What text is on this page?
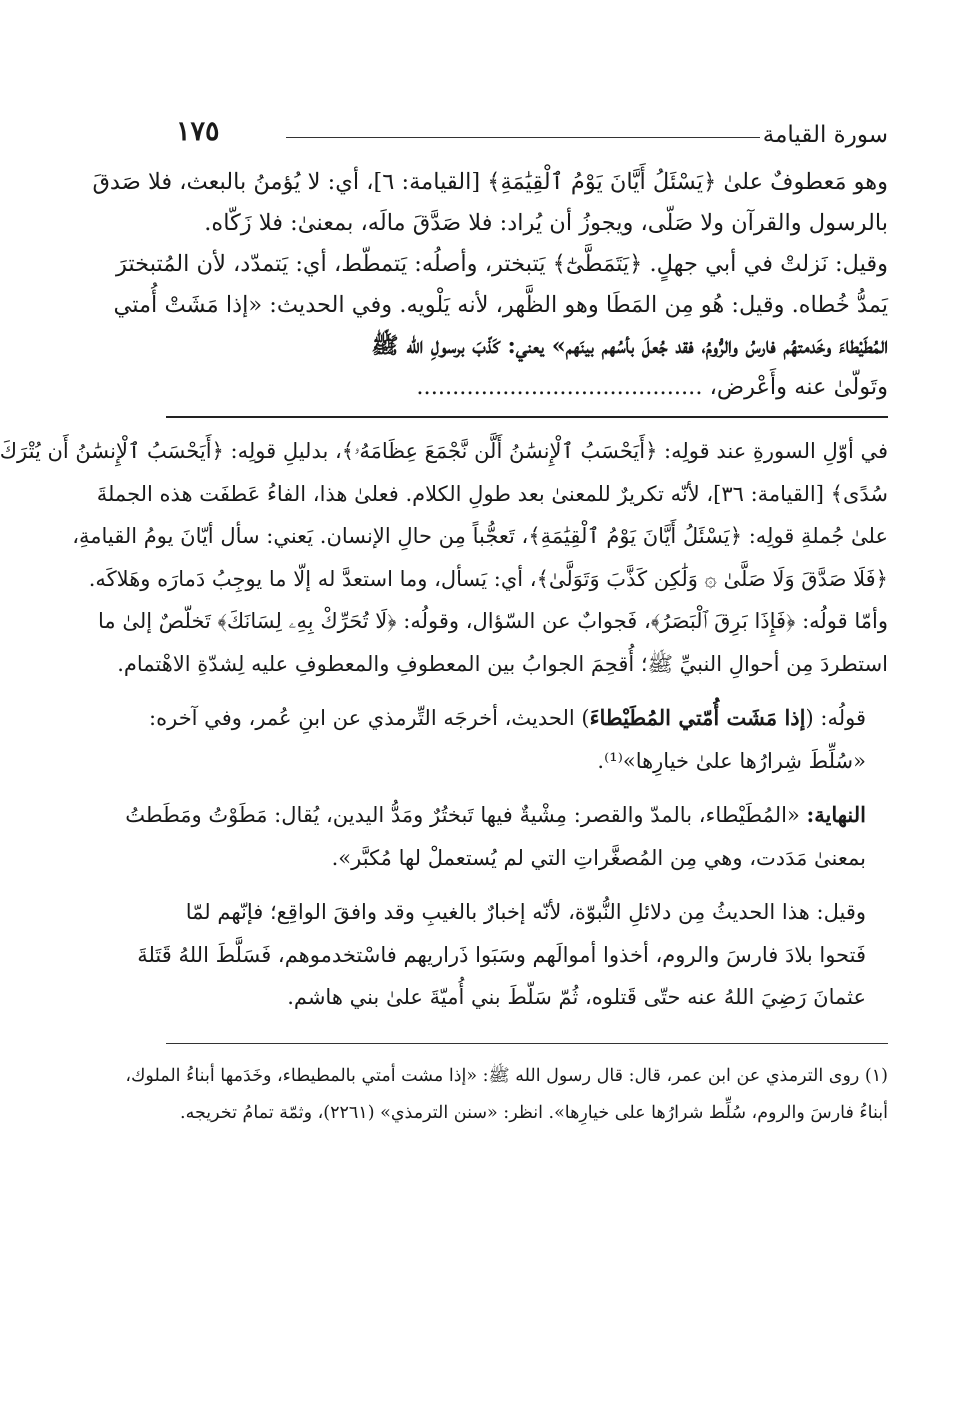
سورة القيامة
١٧٥

وهو مَعطوفٌ علىٰ ﴿يَسْئَلُ أَيَّانَ يَوْمُ ٱلْقِيَٰمَةِ﴾ [القيامة: ٦]، أي: لا يُؤمنُ بالبعث، فلا صَدقَ
بالرسول والقرآن ولا صَلّى، ويجوزُ أن يُراد: فلا صَدَّقَ مالَه، بمعنىٰ: فلا زَكّاه.
وقيل: نَزلتْ في أبي جهلٍ. ﴿يَتَمَطَّىٰٓ﴾ يَتبختر، وأصلُه: يَتمطّط، أي: يَتمدّد، لأن المُتبخترَ
يَمدُّ خُطاه. وقيل: هُو مِن المَطَا وهو الظَّهر، لأنه يَلْويه. وفي الحديث: «إذا مَشَتْ أُمتي
المُطَيْطاءَ وخَدمتهُم فارسُ والرُّومُ، فقد جُعلَ بأسُهم بينَهم» يعني: كَذّبَ برسولِ الله ﷺ
وتَولّىٰ عنه وأَعْرض، ........................................

في أوّلِ السورةِ عند قولِه: ﴿أَيَحْسَبُ ٱلْإِنسَٰنُ أَلَّن نَّجْمَعَ عِظَامَهُۥ﴾، بدليلِ قولِه: ﴿أَيَحْسَبُ ٱلْإِنسَٰنُ أَن يُتْرَكَ
سُدًى﴾ [القيامة: ٣٦]، لأنّه تكريرٌ للمعنىٰ بعد طولِ الكلام. فعلىٰ هذا، الفاءُ عَطفَت هذه الجملةَ
علىٰ جُملةِ قولِه: ﴿يَسْئَلُ أَيَّانَ يَوْمُ ٱلْقِيَٰمَةِ﴾، تَعجُّباً مِن حالِ الإنسان. يَعني: سأل أيّانَ يومُ القيامةِ،
﴿فَلَا صَدَّقَ وَلَا صَلَّىٰ ۞ وَلَٰكِن كَذَّبَ وَتَوَلَّىٰ﴾، أي: يَسأل، وما استعدَّ له إلّا ما يوجِبُ دَمارَه وهَلاكَه.
وأمّا قولُه: ﴿فَإِذَا بَرِقَ ٱلْبَصَرُ﴾، فَجوابٌ عن السّؤال، وقولُه: ﴿لَا تُحَرِّكْ بِهِۦ لِسَانَكَ﴾ تَخلّصٌ إلىٰ ما
استطردَ مِن أحوالِ النبيِّ ﷺ؛ أُقحِمَ الجوابُ بين المعطوفِ والمعطوفِ عليه لِشدّةِ الاهْتمام.

قولُه: (إذا مَشَت أُمّتي المُطَيْطاءَ) الحديث، أخرجَه التِّرمذي عن ابنِ عُمر، وفي آخره:
«سُلِّطَ شِرارُها علىٰ خيارِها»⁽¹⁾.

النهاية: «المُطَيْطاء، بالمدّ والقصر: مِشْيةٌ فيها تَبختُرٌ ومَدُّ اليدين، يُقال: مَطَوْتُ ومَطَطتُ
بمعنىٰ مَدَدت، وهي مِن المُصغَّراتِ التي لم يُستعملْ لها مُكبَّر».

وقيل: هذا الحديثُ مِن دلائلِ النُّبوّة، لأنّه إخبارٌ بالغيبِ وقد وافقَ الواقِع؛ فإنّهم لمّا
فَتحوا بلادَ فارسَ والروم، أخذوا أموالَهم وسَبَوا ذَراريهم فاسْتخدموهم، فَسَلَّطَ اللهُ قَتَلةَ
عثمانَ رَضِيَ اللهُ عنه حتّى قَتلوه، ثُمّ سَلّطَ بني أُميّةَ علىٰ بني هاشم.

(١) روى الترمذي عن ابن عمر، قال: قال رسول الله ﷺ: «إذا مشت أمتي بالمطيطاء، وخَدَمها أبناءُ الملوك،
أبناءُ فارسَ والروم، سُلِّط شرارُها على خيارِها». انظر: «سنن الترمذي» (٢٢٦١)، وثمّة تمامُ تخريجه.
